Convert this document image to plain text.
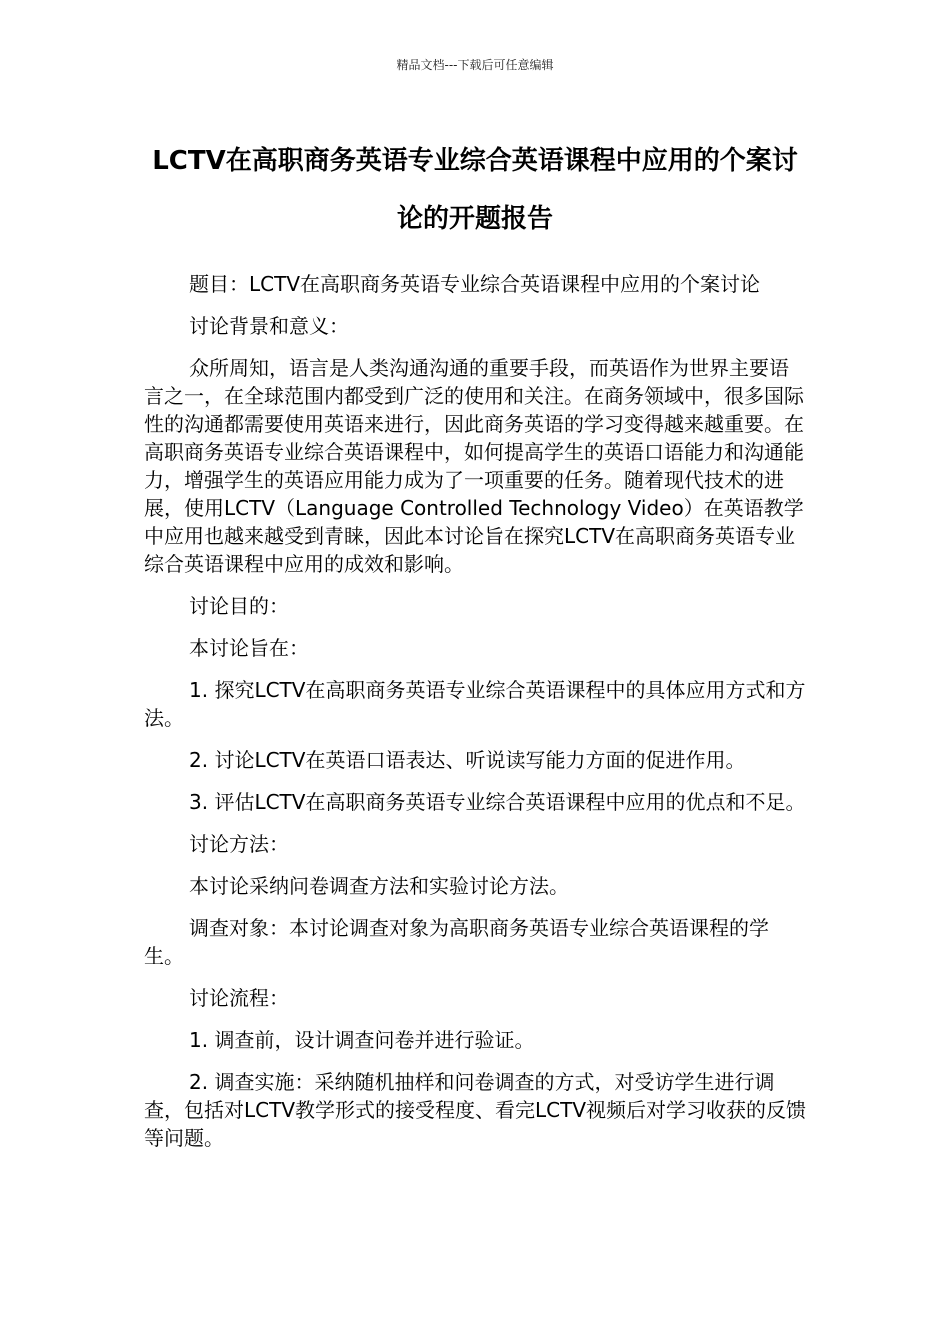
精品文档---下载后可任意编辑
LCTV在高职商务英语专业综合英语课程中应用的个案讨论的开题报告

题目：LCTV在高职商务英语专业综合英语课程中应用的个案讨论

讨论背景和意义：

众所周知，语言是人类沟通沟通的重要手段，而英语作为世界主要语言之一，在全球范围内都受到广泛的使用和关注。在商务领域中，很多国际性的沟通都需要使用英语来进行，因此商务英语的学习变得越来越重要。在高职商务英语专业综合英语课程中，如何提高学生的英语口语能力和沟通能力，增强学生的英语应用能力成为了一项重要的任务。随着现代技术的进展，使用LCTV（Language Controlled Technology Video）在英语教学中应用也越来越受到青睐，因此本讨论旨在探究LCTV在高职商务英语专业综合英语课程中应用的成效和影响。

讨论目的：

本讨论旨在：

1. 探究LCTV在高职商务英语专业综合英语课程中的具体应用方式和方法。

2. 讨论LCTV在英语口语表达、听说读写能力方面的促进作用。

3. 评估LCTV在高职商务英语专业综合英语课程中应用的优点和不足。

讨论方法：

本讨论采纳问卷调查方法和实验讨论方法。

调查对象：本讨论调查对象为高职商务英语专业综合英语课程的学生。

讨论流程：

1. 调查前，设计调查问卷并进行验证。

2. 调查实施：采纳随机抽样和问卷调查的方式，对受访学生进行调查，包括对LCTV教学形式的接受程度、看完LCTV视频后对学习收获的反馈等问题。
